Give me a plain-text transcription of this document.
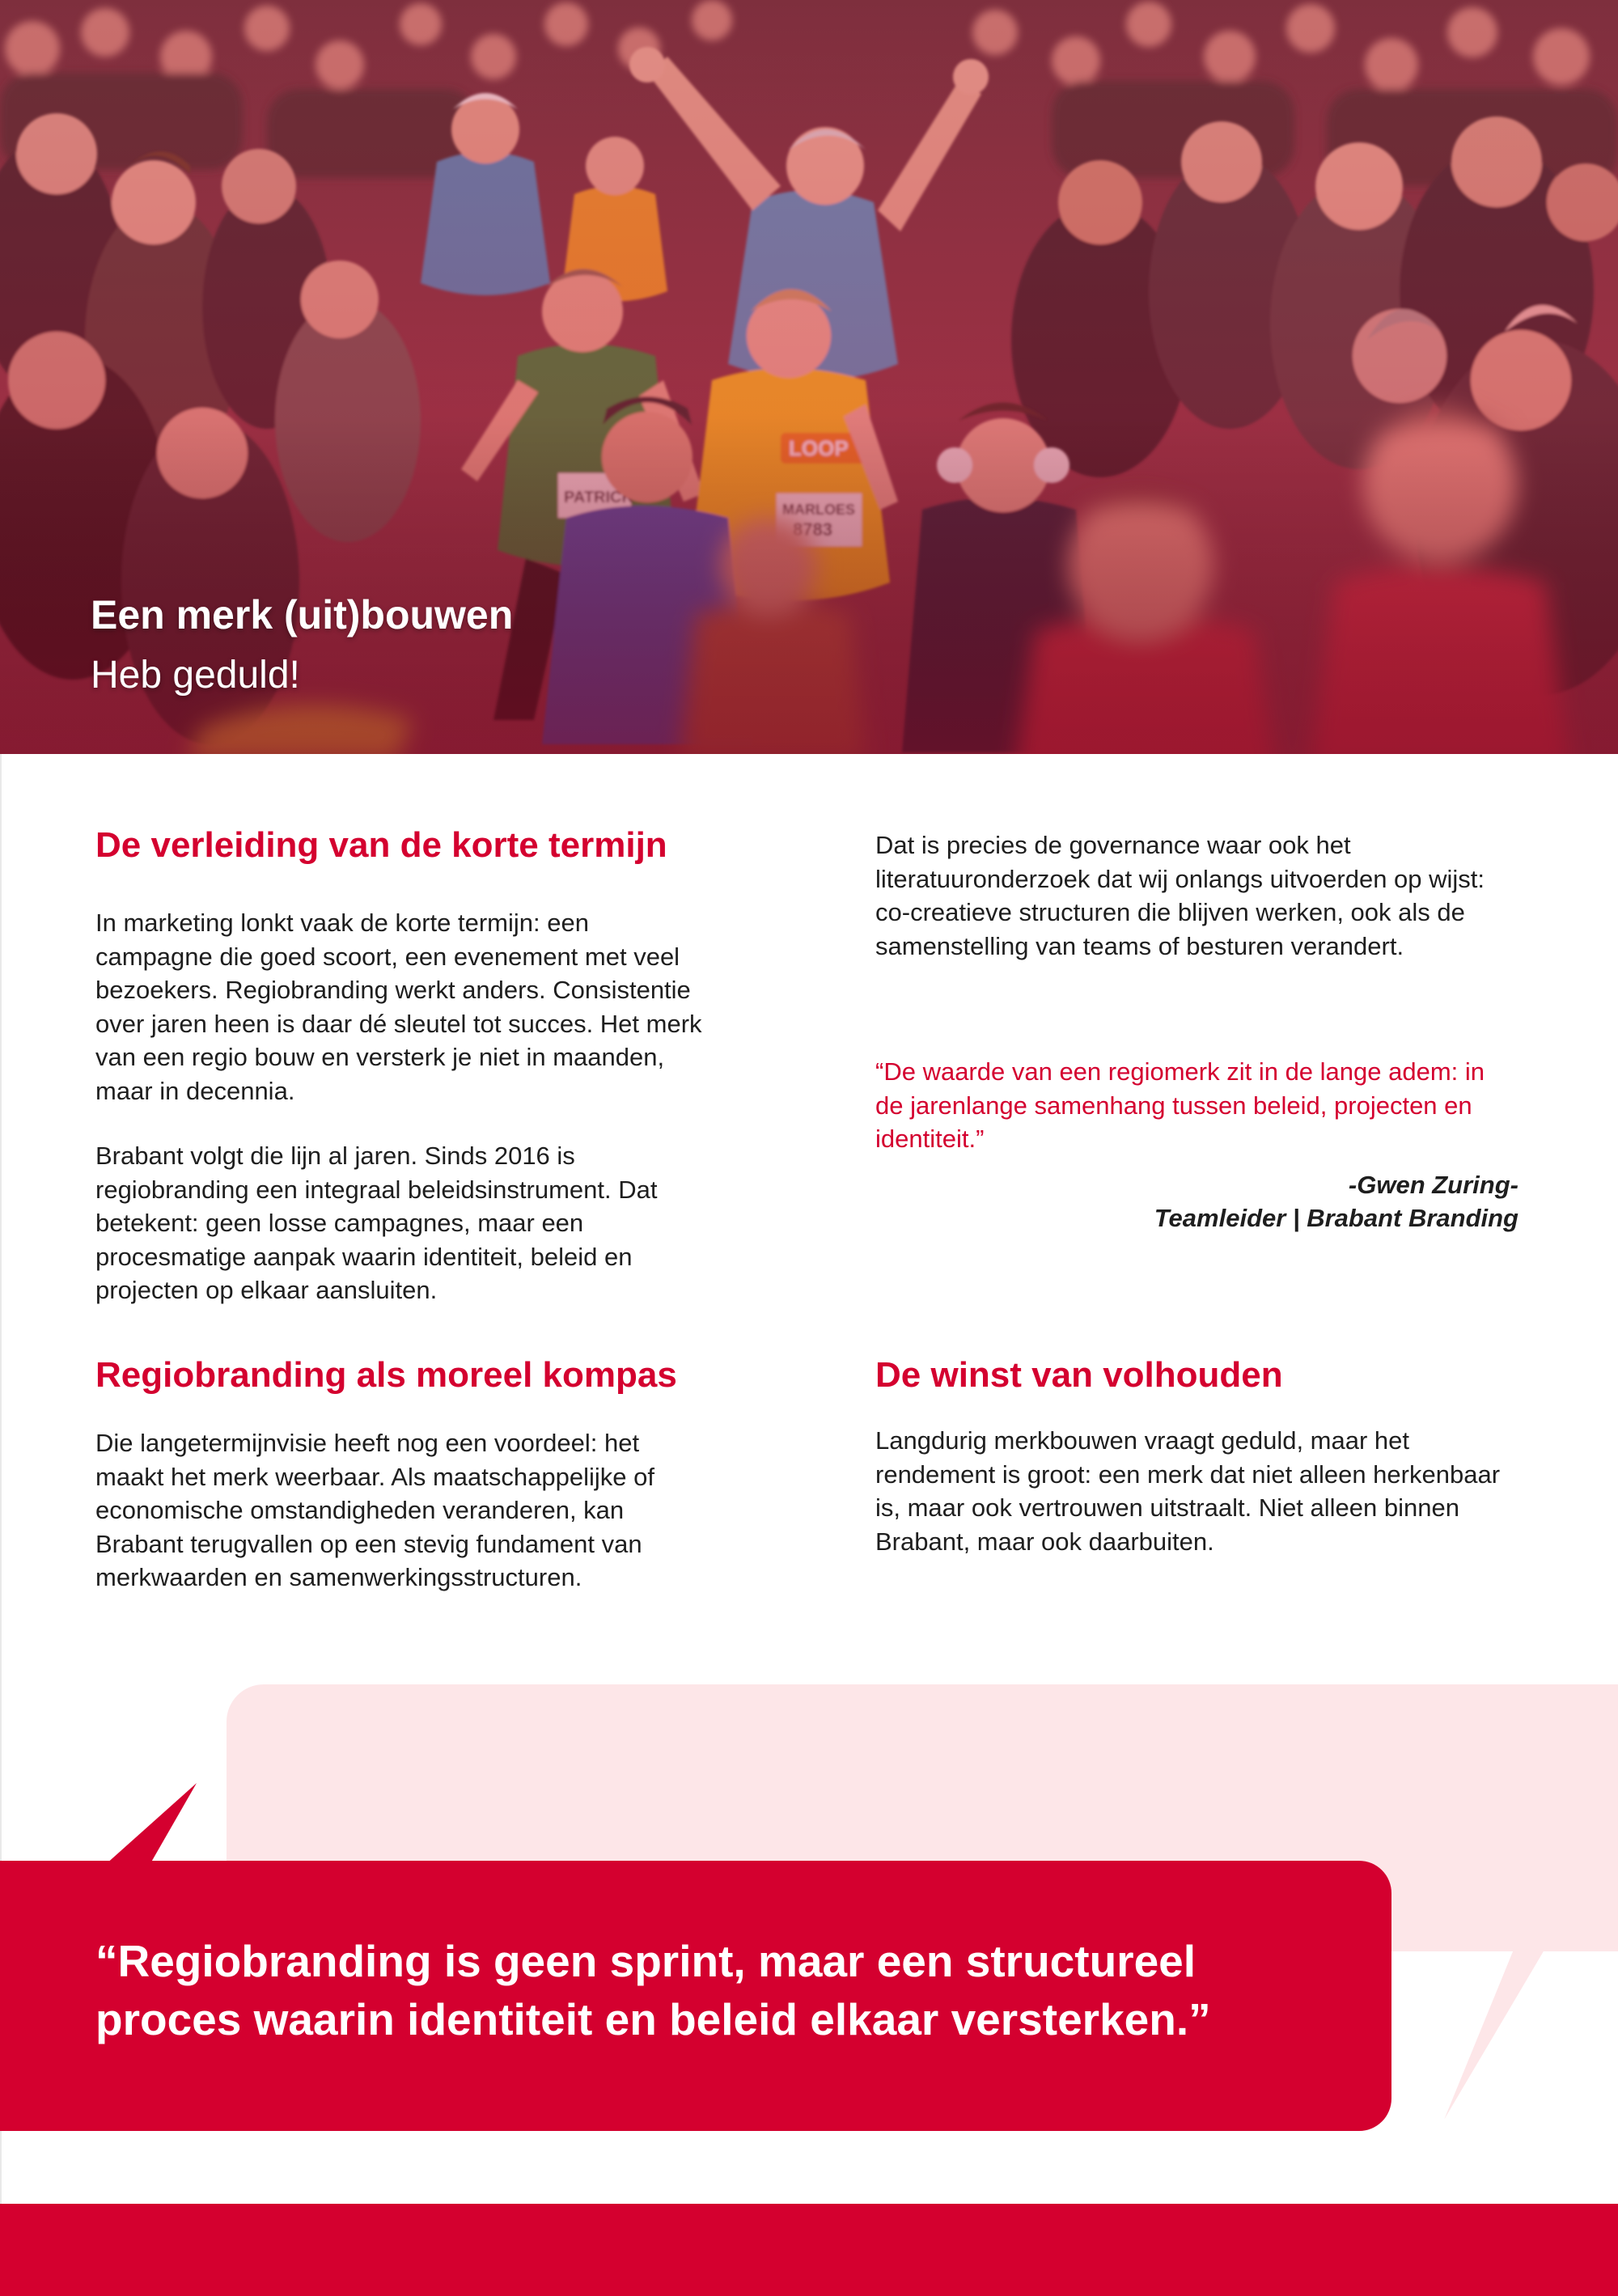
Een merk (uit)bouwen
Heb geduld!
De verleiding van de korte termijn
In marketing lonkt vaak de korte termijn: een
campagne die goed scoort, een evenement met veel
bezoekers. Regiobranding werkt anders. Consistentie
over jaren heen is daar dé sleutel tot succes. Het merk
van een regio bouw en versterk je niet in maanden,
maar in decennia.
Brabant volgt die lijn al jaren. Sinds 2016 is
regiobranding een integraal beleidsinstrument. Dat
betekent: geen losse campagnes, maar een
procesmatige aanpak waarin identiteit, beleid en
projecten op elkaar aansluiten.
Dat is precies de governance waar ook het
literatuuronderzoek dat wij onlangs uitvoerden op wijst:
co-creatieve structuren die blijven werken, ook als de
samenstelling van teams of besturen verandert.
“De waarde van een regiomerk zit in de lange adem: in
de jarenlange samenhang tussen beleid, projecten en
identiteit.”
-Gwen Zuring-
Teamleider | Brabant Branding
Regiobranding als moreel kompas
Die langetermijnvisie heeft nog een voordeel: het
maakt het merk weerbaar. Als maatschappelijke of
economische omstandigheden veranderen, kan
Brabant terugvallen op een stevig fundament van
merkwaarden en samenwerkingsstructuren.
De winst van volhouden
Langdurig merkbouwen vraagt geduld, maar het
rendement is groot: een merk dat niet alleen herkenbaar
is, maar ook vertrouwen uitstraalt. Niet alleen binnen
Brabant, maar ook daarbuiten.
“Regiobranding is geen sprint, maar een structureel
proces waarin identiteit en beleid elkaar versterken.”
